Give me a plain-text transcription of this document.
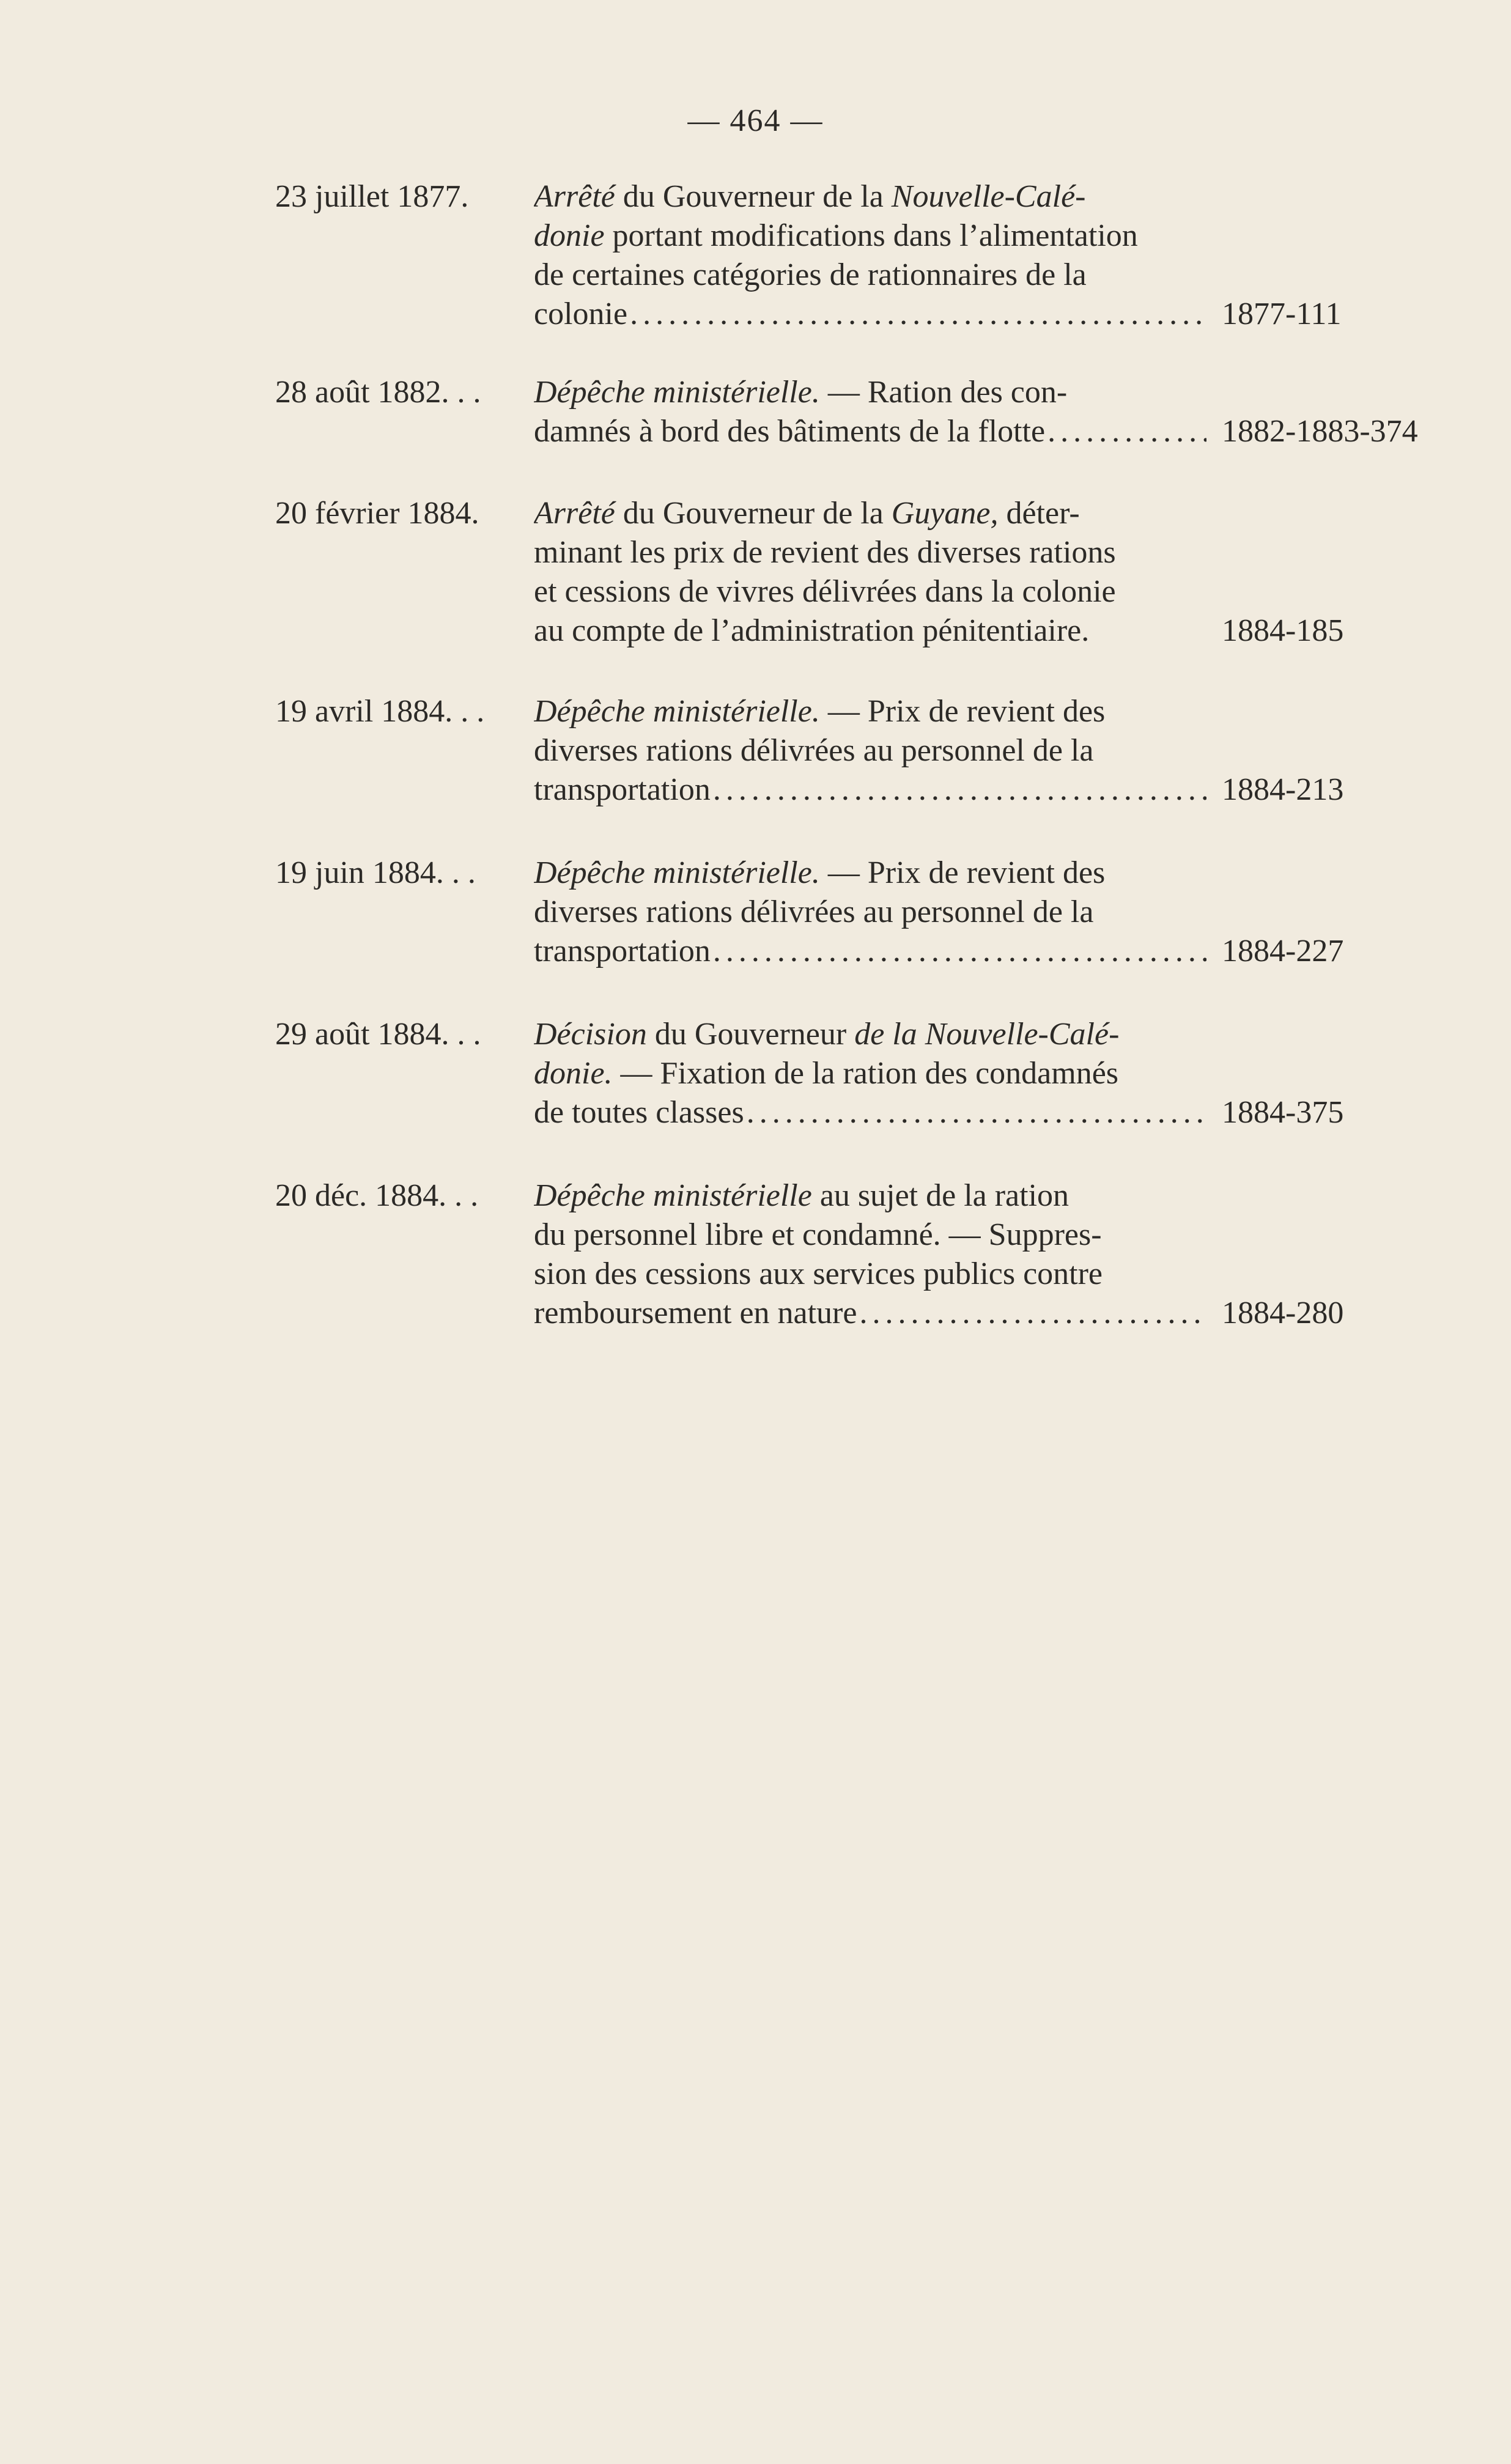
— 464 —
23 juillet 1877.	Arrêté du Gouverneur de la Nouvelle-Calé-
donie portant modifications dans l’alimentation
de certaines catégories de rationnaires de la
colonie .....	1877-111
28 août 1882. . .	Dépêche ministérielle. — Ration des con-
damnés à bord des bâtiments de la flotte .....	1882-1883-374
20 février 1884.	Arrêté du Gouverneur de la Guyane, déter-
minant les prix de revient des diverses rations
et cessions de vivres délivrées dans la colonie
au compte de l’administration pénitentiaire.	1884-185
19 avril 1884. . .	Dépêche ministérielle. — Prix de revient des
diverses rations délivrées au personnel de la
transportation .....	1884-213
19 juin 1884. . .	Dépêche ministérielle. — Prix de revient des
diverses rations délivrées au personnel de la
transportation .....	1884-227
29 août 1884. . .	Décision du Gouverneur de la Nouvelle-Calé-
donie. — Fixation de la ration des condamnés
de toutes classes .....	1884-375
20 déc. 1884. . .	Dépêche ministérielle au sujet de la ration
du personnel libre et condamné. — Suppres-
sion des cessions aux services publics contre
remboursement en nature .....	1884-280
